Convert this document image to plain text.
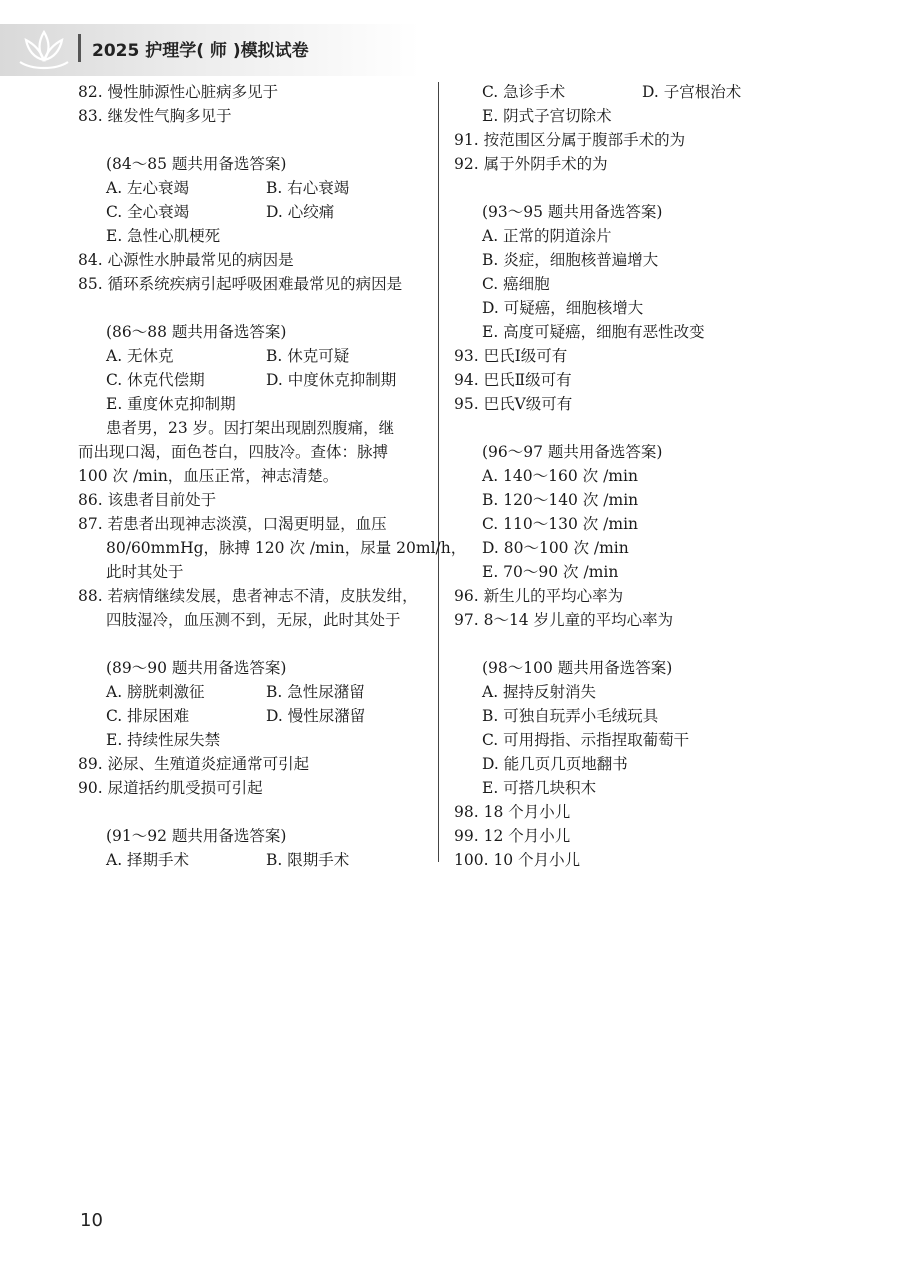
2025 护理学( 师 )模拟试卷
82. 慢性肺源性心脏病多见于
83. 继发性气胸多见于
(84～85 题共用备选答案)
A. 左心衰竭	B. 右心衰竭
C. 全心衰竭	D. 心绞痛
E. 急性心肌梗死
84. 心源性水肿最常见的病因是
85. 循环系统疾病引起呼吸困难最常见的病因是
(86～88 题共用备选答案)
A. 无休克	B. 休克可疑
C. 休克代偿期	D. 中度休克抑制期
E. 重度休克抑制期
患者男，23 岁。因打架出现剧烈腹痛，继
而出现口渴，面色苍白，四肢冷。查体：脉搏
100 次 /min，血压正常，神志清楚。
86. 该患者目前处于
87. 若患者出现神志淡漠，口渴更明显，血压
80/60mmHg，脉搏 120 次 /min，尿量 20ml/h，
此时其处于
88. 若病情继续发展，患者神志不清，皮肤发绀，
四肢湿冷，血压测不到，无尿，此时其处于
(89～90 题共用备选答案)
A. 膀胱刺激征	B. 急性尿潴留
C. 排尿困难	D. 慢性尿潴留
E. 持续性尿失禁
89. 泌尿、生殖道炎症通常可引起
90. 尿道括约肌受损可引起
(91～92 题共用备选答案)
A. 择期手术	B. 限期手术
C. 急诊手术	D. 子宫根治术
E. 阴式子宫切除术
91. 按范围区分属于腹部手术的为
92. 属于外阴手术的为
(93～95 题共用备选答案)
A. 正常的阴道涂片
B. 炎症，细胞核普遍增大
C. 癌细胞
D. 可疑癌，细胞核增大
E. 高度可疑癌，细胞有恶性改变
93. 巴氏Ⅰ级可有
94. 巴氏Ⅱ级可有
95. 巴氏Ⅴ级可有
(96～97 题共用备选答案)
A. 140～160 次 /min
B. 120～140 次 /min
C. 110～130 次 /min
D. 80～100 次 /min
E. 70～90 次 /min
96. 新生儿的平均心率为
97. 8～14 岁儿童的平均心率为
(98～100 题共用备选答案)
A. 握持反射消失
B. 可独自玩弄小毛绒玩具
C. 可用拇指、示指捏取葡萄干
D. 能几页几页地翻书
E. 可搭几块积木
98. 18 个月小儿
99. 12 个月小儿
100. 10 个月小儿
10
